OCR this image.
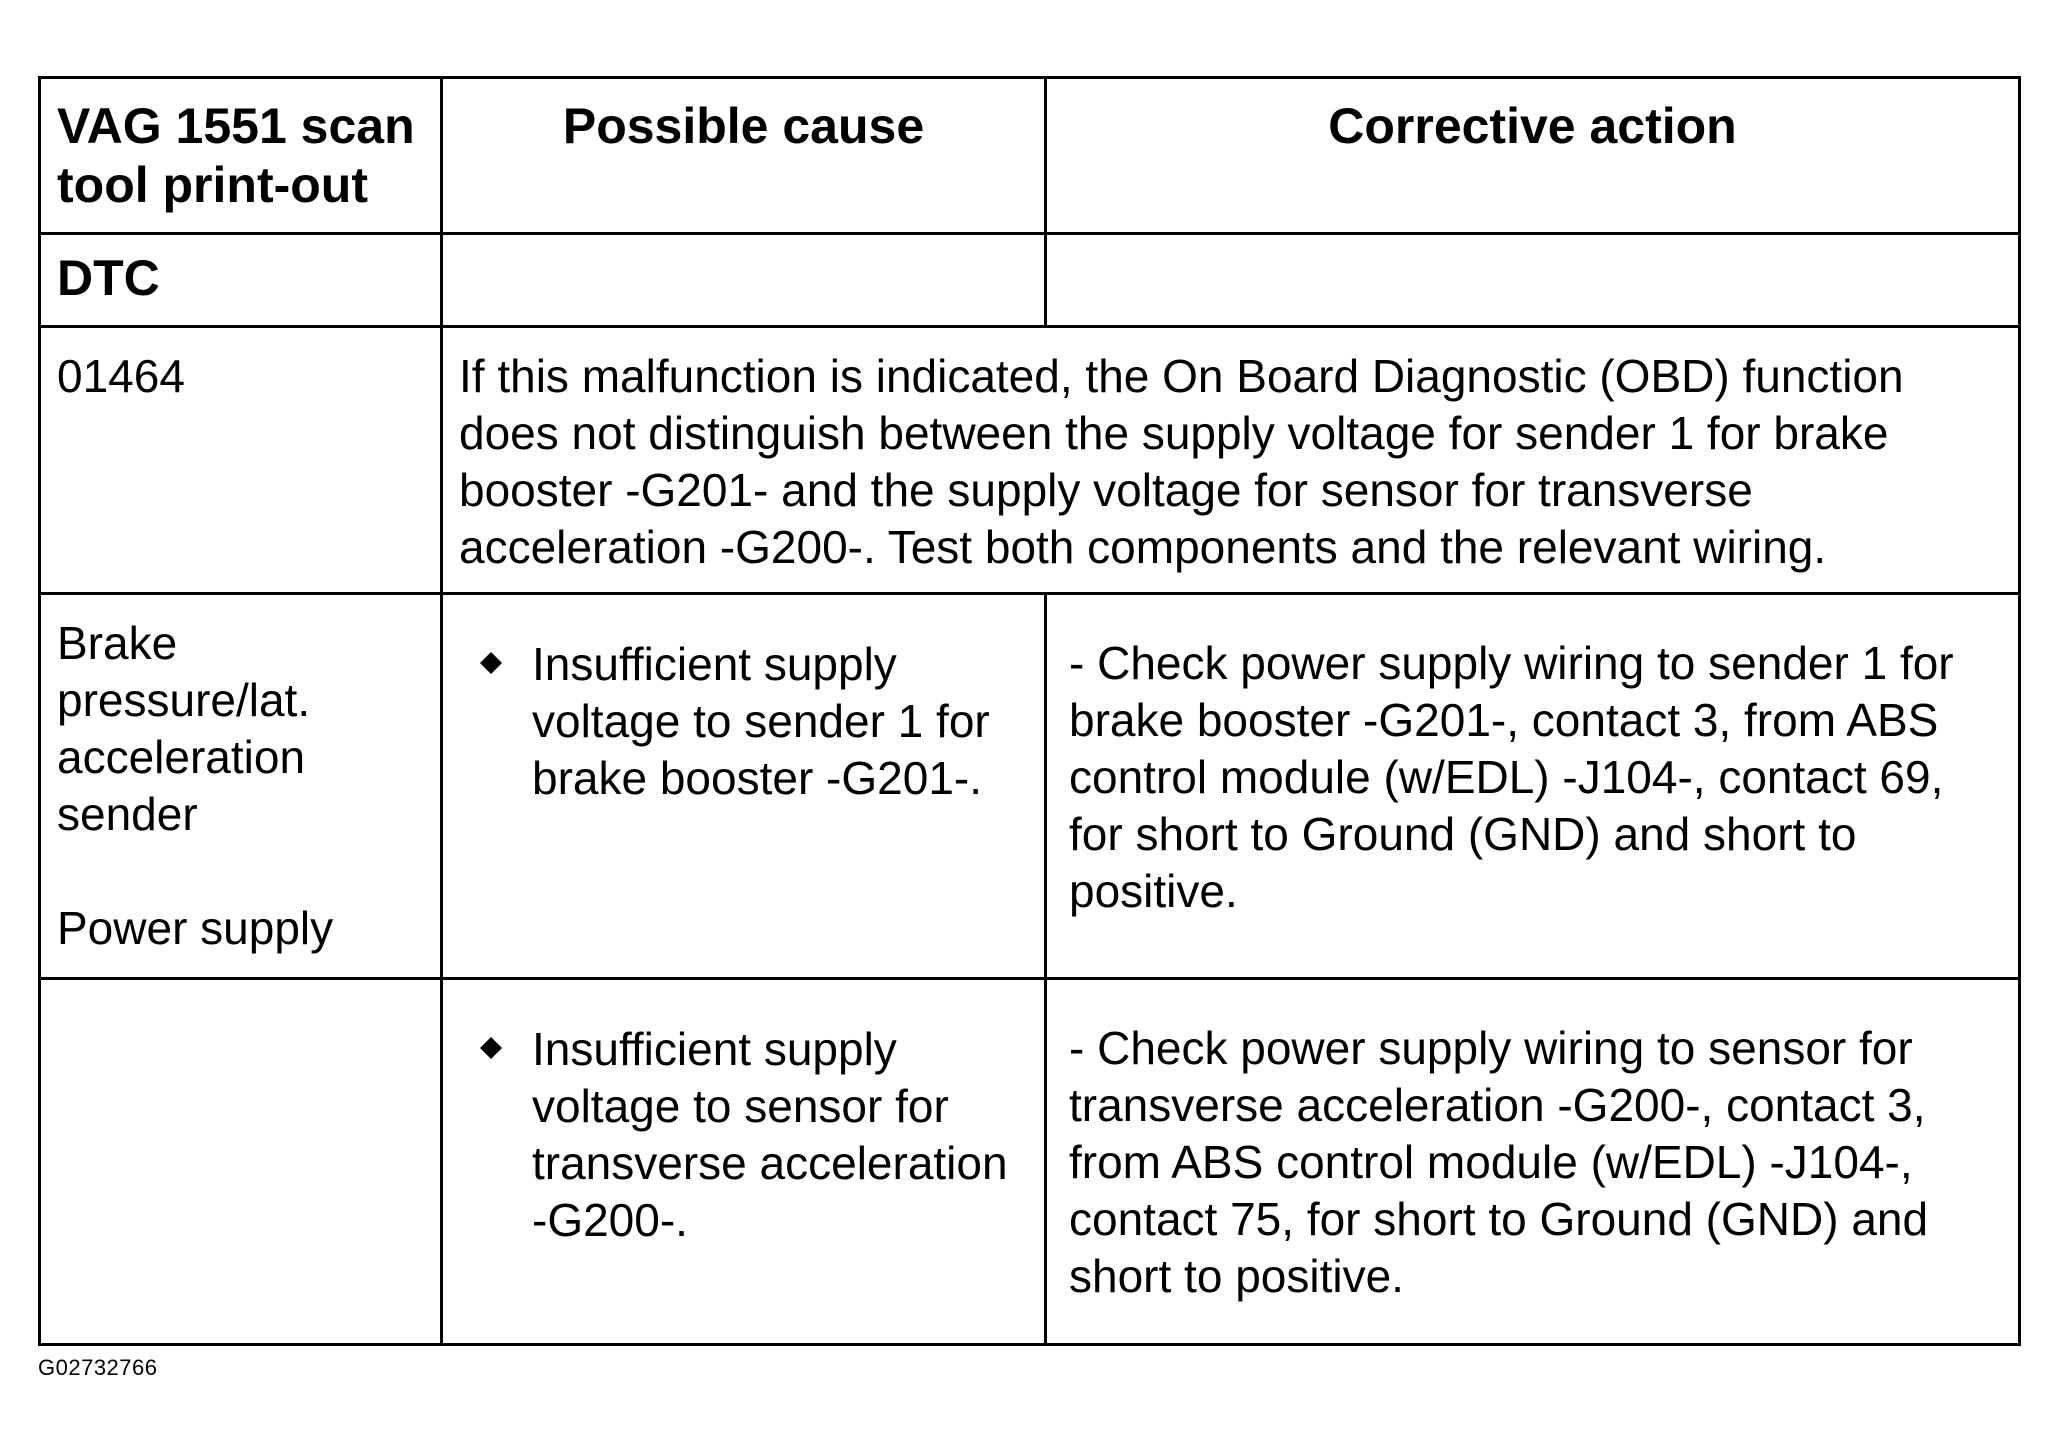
VAG 1551 scan tool print-out	Possible cause	Corrective action
DTC		
01464	If this malfunction is indicated, the On Board Diagnostic (OBD) function does not distinguish between the supply voltage for sender 1 for brake booster -G201- and the supply voltage for sensor for transverse acceleration -G200-. Test both components and the relevant wiring.	

Brake pressure/lat. acceleration sender
Power supply	Insufficient supply voltage to sender 1 for brake booster -G201-.	- Check power supply wiring to sender 1 for brake booster -G201-, contact 3, from ABS control module (w/EDL) -J104-, contact 69, for short to Ground (GND) and short to positive.

	Insufficient supply voltage to sensor for transverse acceleration -G200-.	- Check power supply wiring to sensor for transverse acceleration -G200-, contact 3, from ABS control module (w/EDL) -J104-, contact 75, for short to Ground (GND) and short to positive.
G02732766
